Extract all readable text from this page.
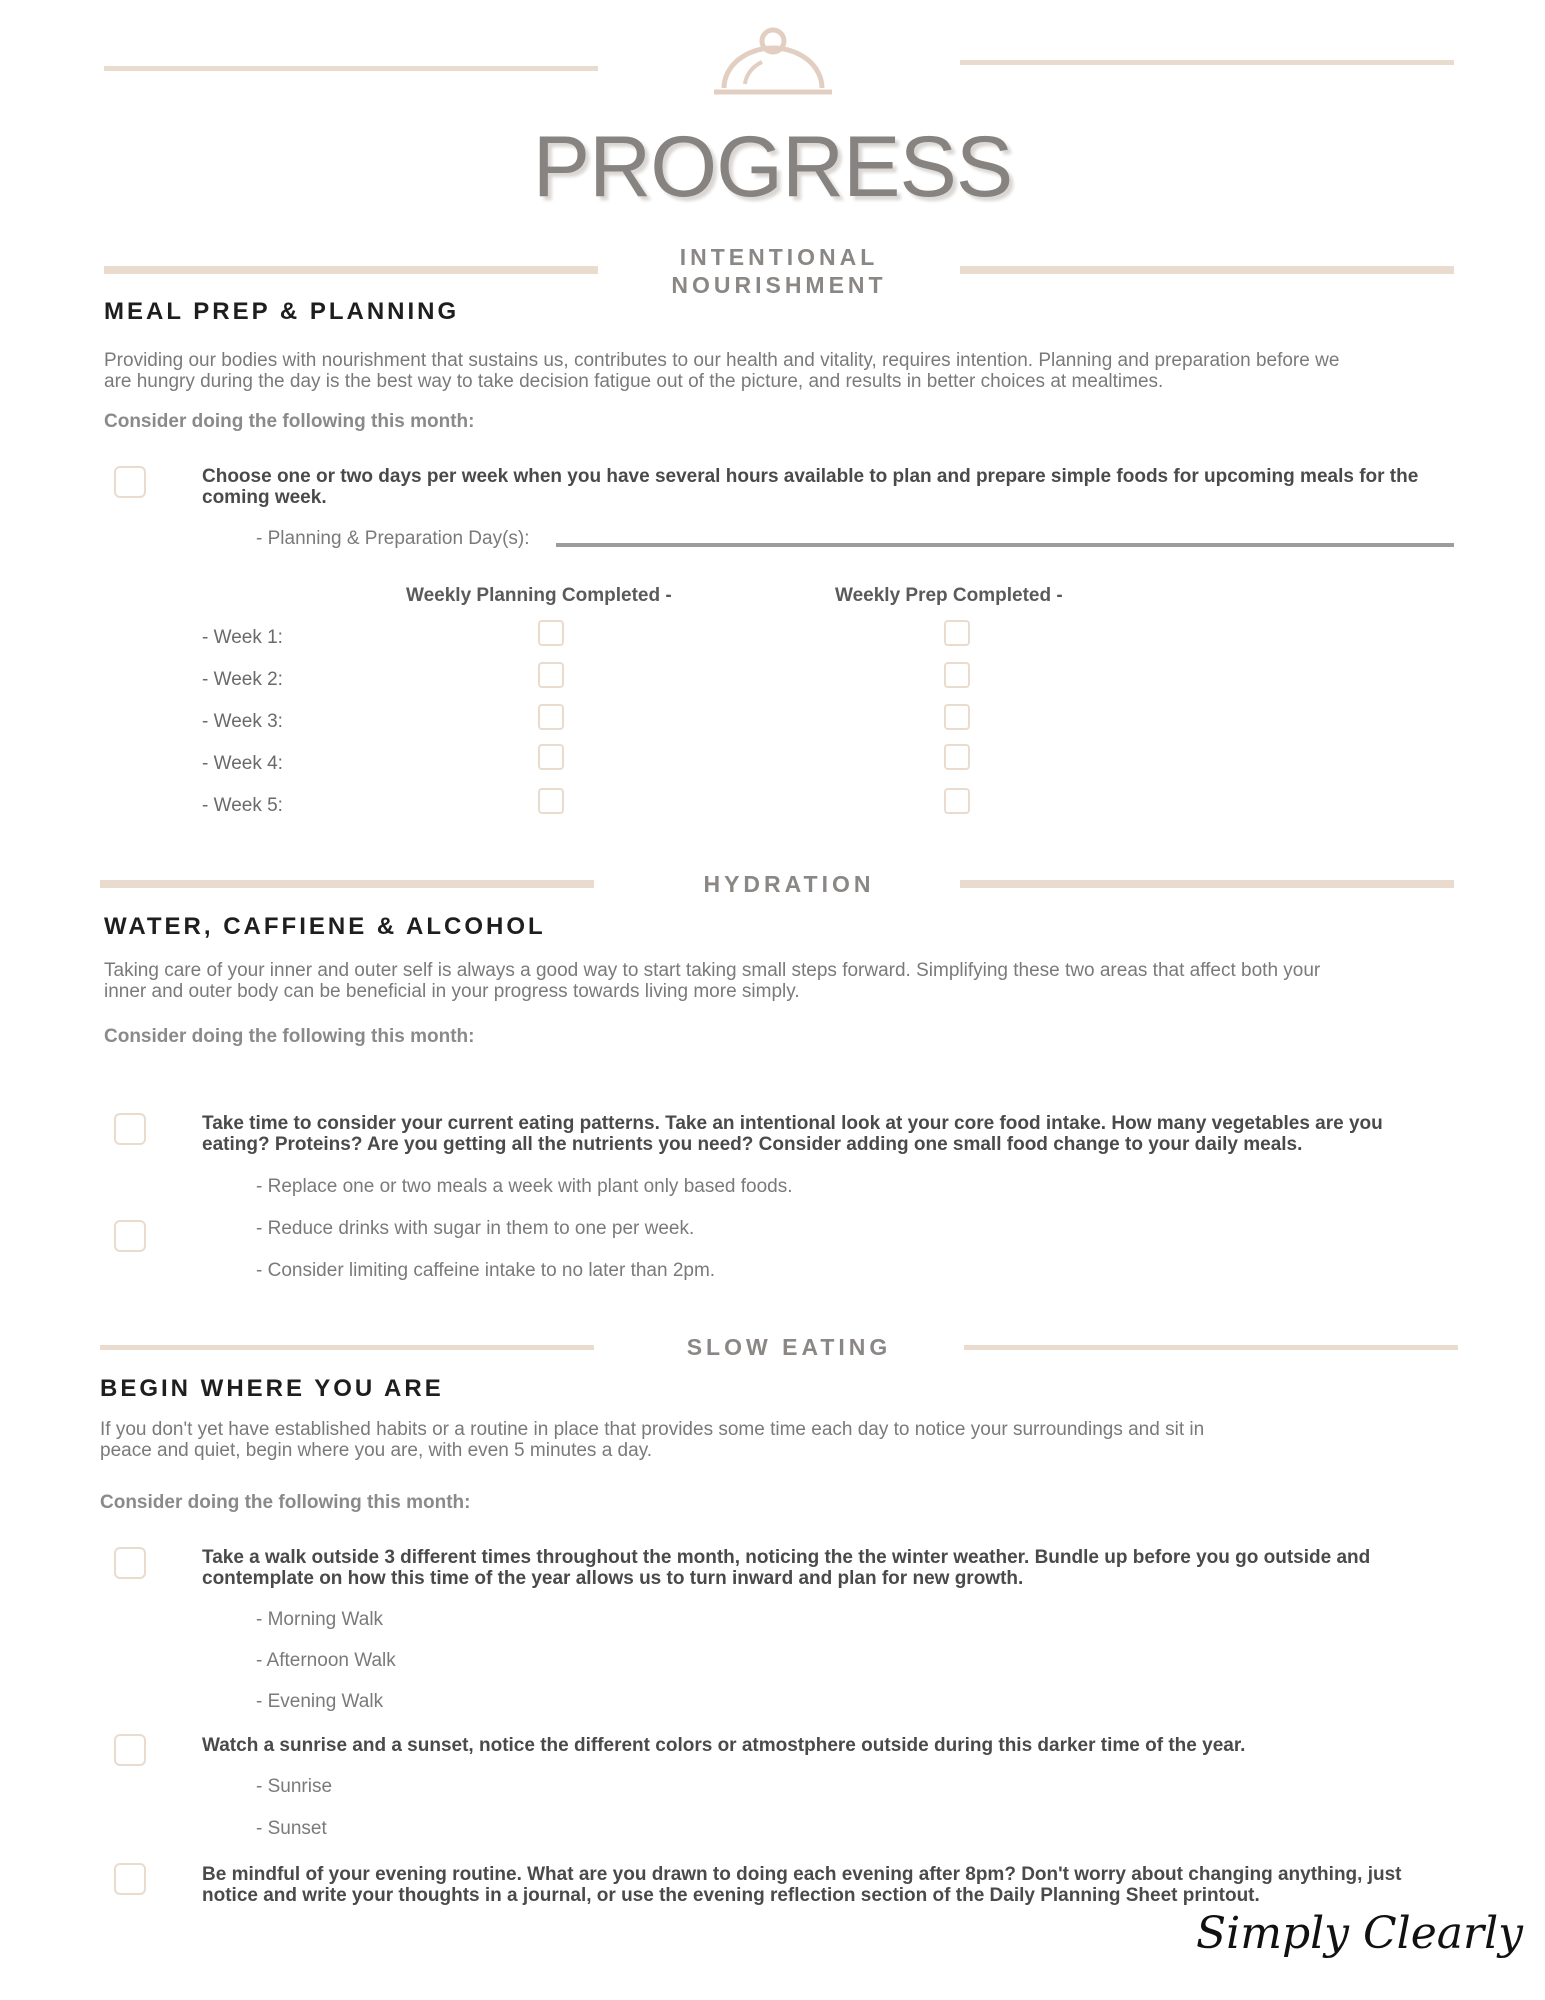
PROGRESS
INTENTIONAL
NOURISHMENT
MEAL PREP & PLANNING
Providing our bodies with nourishment that sustains us, contributes to our health and vitality, requires intention. Planning and preparation before we
are hungry during the day is the best way to take decision fatigue out of the picture, and results in better choices at mealtimes.
Consider doing the following this month:
Choose one or two days per week when you have several hours available to plan and prepare simple foods for upcoming meals for the coming week.
- Planning & Preparation Day(s):
Weekly Planning Completed -	Weekly Prep Completed -
- Week 1:
- Week 2:
- Week 3:
- Week 4:
- Week 5:
HYDRATION
WATER, CAFFIENE & ALCOHOL
Taking care of your inner and outer self is always a good way to start taking small steps forward. Simplifying these two areas that affect both your
inner and outer body can be beneficial in your progress towards living more simply.
Consider doing the following this month:
Take time to consider your current eating patterns. Take an intentional look at your core food intake. How many vegetables are you eating? Proteins? Are you getting all the nutrients you need? Consider adding one small food change to your daily meals.
- Replace one or two meals a week with plant only based foods.
- Reduce drinks with sugar in them to one per week.
- Consider limiting caffeine intake to no later than 2pm.
SLOW EATING
BEGIN WHERE YOU ARE
If you don't yet have established habits or a routine in place that provides some time each day to notice your surroundings and sit in
peace and quiet, begin where you are, with even 5 minutes a day.
Consider doing the following this month:
Take a walk outside 3 different times throughout the month, noticing the the winter weather. Bundle up before you go outside and contemplate on how this time of the year allows us to turn inward and plan for new growth.
- Morning Walk
- Afternoon Walk
- Evening Walk
Watch a sunrise and a sunset, notice the different colors or atmostphere outside during this darker time of the year.
- Sunrise
- Sunset
Be mindful of your evening routine. What are you drawn to doing each evening after 8pm? Don't worry about changing anything, just notice and write your thoughts in a journal, or use the evening reflection section of the Daily Planning Sheet printout.
Simply Clearly
